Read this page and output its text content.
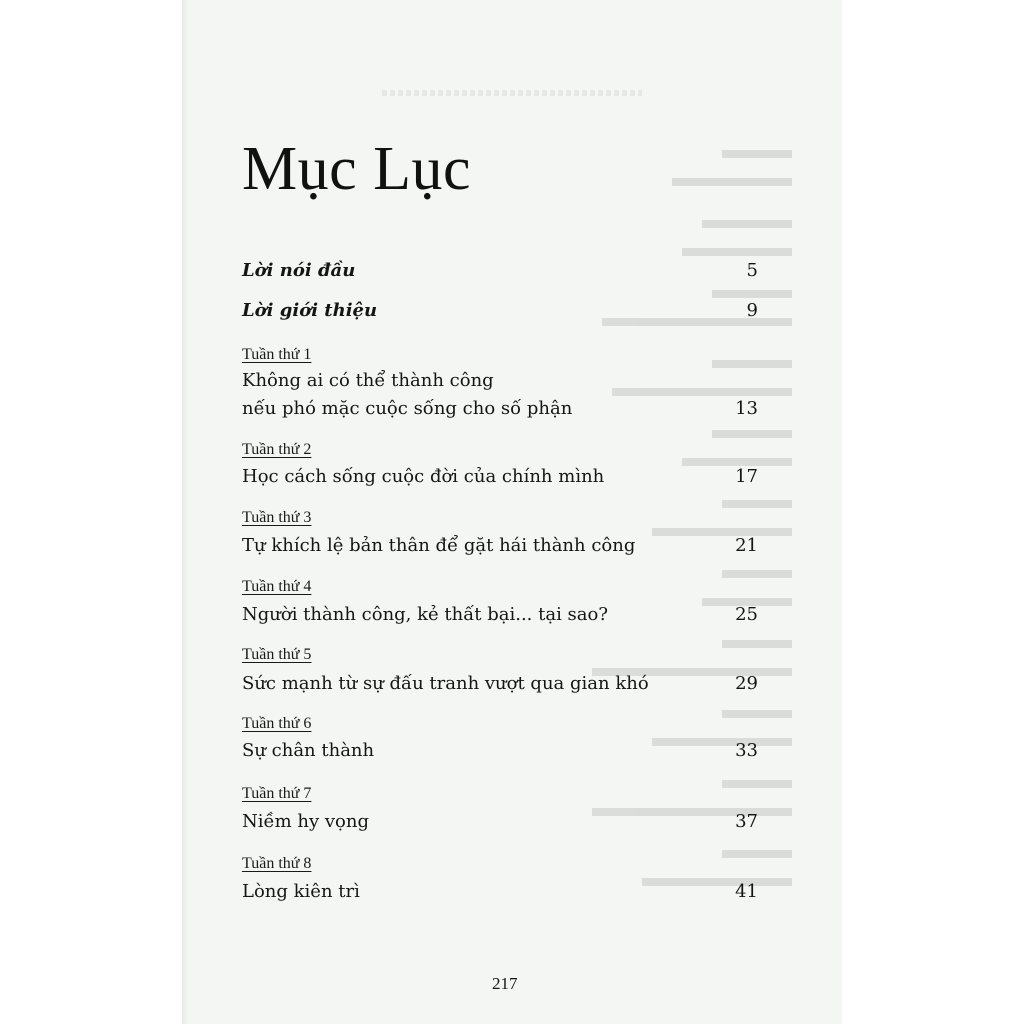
Mục Lục
Lời nói đầu	5
Lời giới thiệu	9
Tuần thứ 1
Không ai có thể thành công
nếu phó mặc cuộc sống cho số phận	13
Tuần thứ 2
Học cách sống cuộc đời của chính mình	17
Tuần thứ 3
Tự khích lệ bản thân để gặt hái thành công	21
Tuần thứ 4
Người thành công, kẻ thất bại... tại sao?	25
Tuần thứ 5
Sức mạnh từ sự đấu tranh vượt qua gian khó	29
Tuần thứ 6
Sự chân thành	33
Tuần thứ 7
Niềm hy vọng	37
Tuần thứ 8
Lòng kiên trì	41
217
